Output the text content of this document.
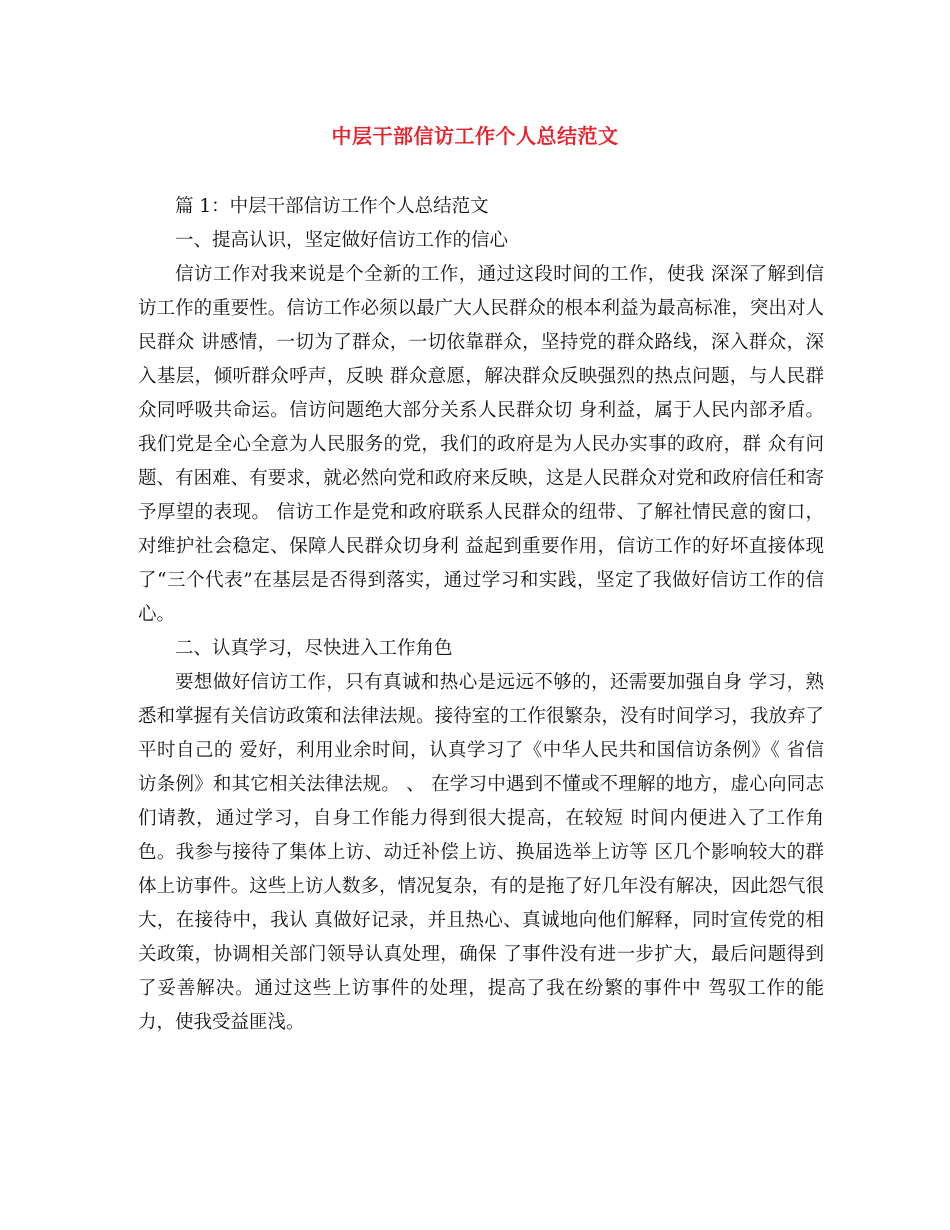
中层干部信访工作个人总结范文

篇 1：中层干部信访工作个人总结范文

一、提高认识，坚定做好信访工作的信心

信访工作对我来说是个全新的工作，通过这段时间的工作，使我 深深了解到信访工作的重要性。信访工作必须以最广大人民群众的根本利益为最高标准，突出对人民群众 讲感情，一切为了群众，一切依靠群众，坚持党的群众路线，深入群众，深入基层，倾听群众呼声，反映 群众意愿，解决群众反映强烈的热点问题，与人民群众同呼吸共命运。信访问题绝大部分关系人民群众切 身利益，属于人民内部矛盾。我们党是全心全意为人民服务的党，我们的政府是为人民办实事的政府，群 众有问题、有困难、有要求，就必然向党和政府来反映，这是人民群众对党和政府信任和寄予厚望的表现。 信访工作是党和政府联系人民群众的纽带、了解社情民意的窗口，对维护社会稳定、保障人民群众切身利 益起到重要作用，信访工作的好坏直接体现了“三个代表”在基层是否得到落实，通过学习和实践，坚定了我做好信访工作的信心。

二、认真学习，尽快进入工作角色

要想做好信访工作，只有真诚和热心是远远不够的，还需要加强自身 学习，熟悉和掌握有关信访政策和法律法规。接待室的工作很繁杂，没有时间学习，我放弃了平时自己的 爱好，利用业余时间，认真学习了《中华人民共和国信访条例》《 省信访条例》和其它相关法律法规。 、 在学习中遇到不懂或不理解的地方，虚心向同志们请教，通过学习，自身工作能力得到很大提高，在较短 时间内便进入了工作角色。我参与接待了集体上访、动迁补偿上访、换届选举上访等 区几个影响较大的群 体上访事件。这些上访人数多，情况复杂，有的是拖了好几年没有解决，因此怨气很大，在接待中，我认 真做好记录，并且热心、真诚地向他们解释，同时宣传党的相关政策，协调相关部门领导认真处理，确保 了事件没有进一步扩大，最后问题得到了妥善解决。通过这些上访事件的处理，提高了我在纷繁的事件中 驾驭工作的能力，使我受益匪浅。
